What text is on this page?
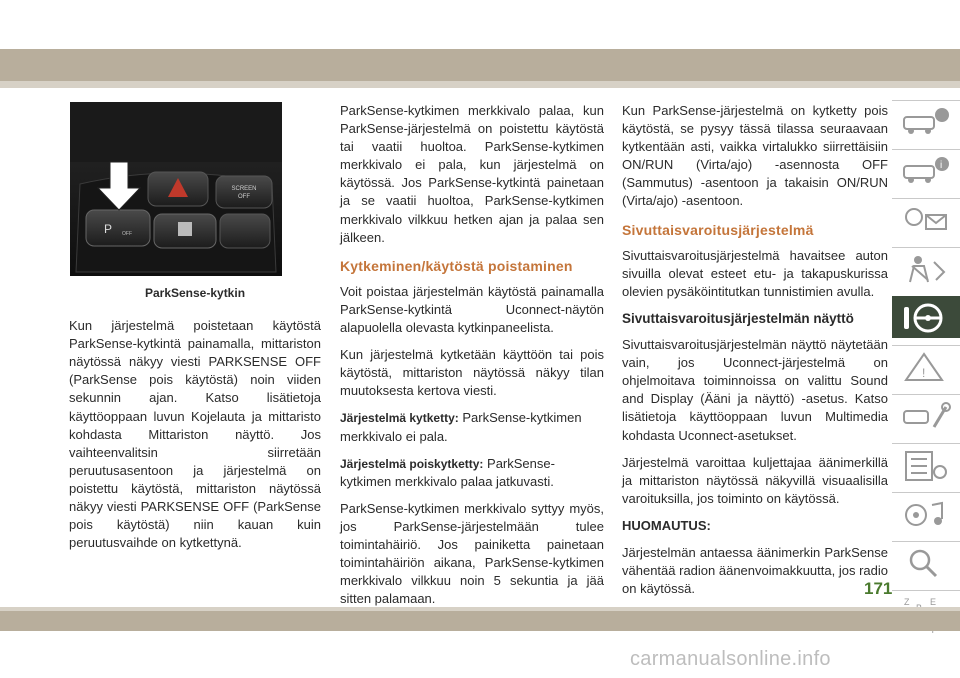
SCREEN
OFF
P OFF
ParkSense-kytkin

Kun järjestelmä poistetaan käytöstä ParkSense-kytkintä painamalla, mittariston näytössä näkyy viesti PARKSENSE OFF (ParkSense pois käytöstä) noin viiden sekunnin ajan. Katso lisätietoja käyttöoppaan luvun Kojelauta ja mittaristo kohdasta Mittariston näyttö. Jos vaihteenvalitsin siirretään peruutusasentoon ja järjestelmä on poistettu käytöstä, mittariston näytössä näkyy viesti PARKSENSE OFF (ParkSense pois käytöstä) niin kauan kuin peruutusvaihde on kytkettynä.

ParkSense-kytkimen merkkivalo palaa, kun ParkSense-järjestelmä on poistettu käytöstä tai vaatii huoltoa. ParkSense-kytkimen merkkivalo ei pala, kun järjestelmä on käytössä. Jos ParkSense-kytkintä painetaan ja se vaatii huoltoa, ParkSense-kytkimen merkkivalo vilkkuu hetken ajan ja palaa sen jälkeen.

Kytkeminen/käytöstä poistaminen

Voit poistaa järjestelmän käytöstä painamalla ParkSense-kytkintä Uconnect-näytön alapuolella olevasta kytkinpaneelista.

Kun järjestelmä kytketään käyttöön tai pois käytöstä, mittariston näytössä näkyy tilan muutoksesta kertova viesti.

Järjestelmä kytketty: ParkSense-kytkimen merkkivalo ei pala.

Järjestelmä poiskytketty: ParkSense-kytkimen merkkivalo palaa jatkuvasti.

ParkSense-kytkimen merkkivalo syttyy myös, jos ParkSense-järjestelmään tulee toimintahäiriö. Jos painiketta painetaan toimintahäiriön aikana, ParkSense-kytkimen merkkivalo vilkkuu noin 5 sekuntia ja jää sitten palamaan.

Kun ParkSense-järjestelmä on kytketty pois käytöstä, se pysyy tässä tilassa seuraavaan kytkentään asti, vaikka virtalukko siirrettäisiin ON/RUN (Virta/ajo) -asennosta OFF (Sammutus) -asentoon ja takaisin ON/RUN (Virta/ajo) -asentoon.

Sivuttaisvaroitusjärjestelmä

Sivuttaisvaroitusjärjestelmä havaitsee auton sivuilla olevat esteet etu- ja takapuskurissa olevien pysäköintitutkan tunnistimien avulla.

Sivuttaisvaroitusjärjestelmän näyttö

Sivuttaisvaroitusjärjestelmän näyttö näytetään vain, jos Uconnect-järjestelmä on ohjelmoitava toiminnoissa on valittu Sound and Display (Ääni ja näyttö) -asetus. Katso lisätietoja käyttöoppaan luvun Multimedia kohdasta Uconnect-asetukset.

Järjestelmä varoittaa kuljettajaa äänimerkillä ja mittariston näytössä näkyvillä visuaalisilla varoituksilla, jos toiminto on käytössä.

HUOMAUTUS:

Järjestelmän antaessa äänimerkin ParkSense vähentää radion äänenvoimakkuutta, jos radio on käytössä.

i
!
Z E
171
carmanualsonline.info
